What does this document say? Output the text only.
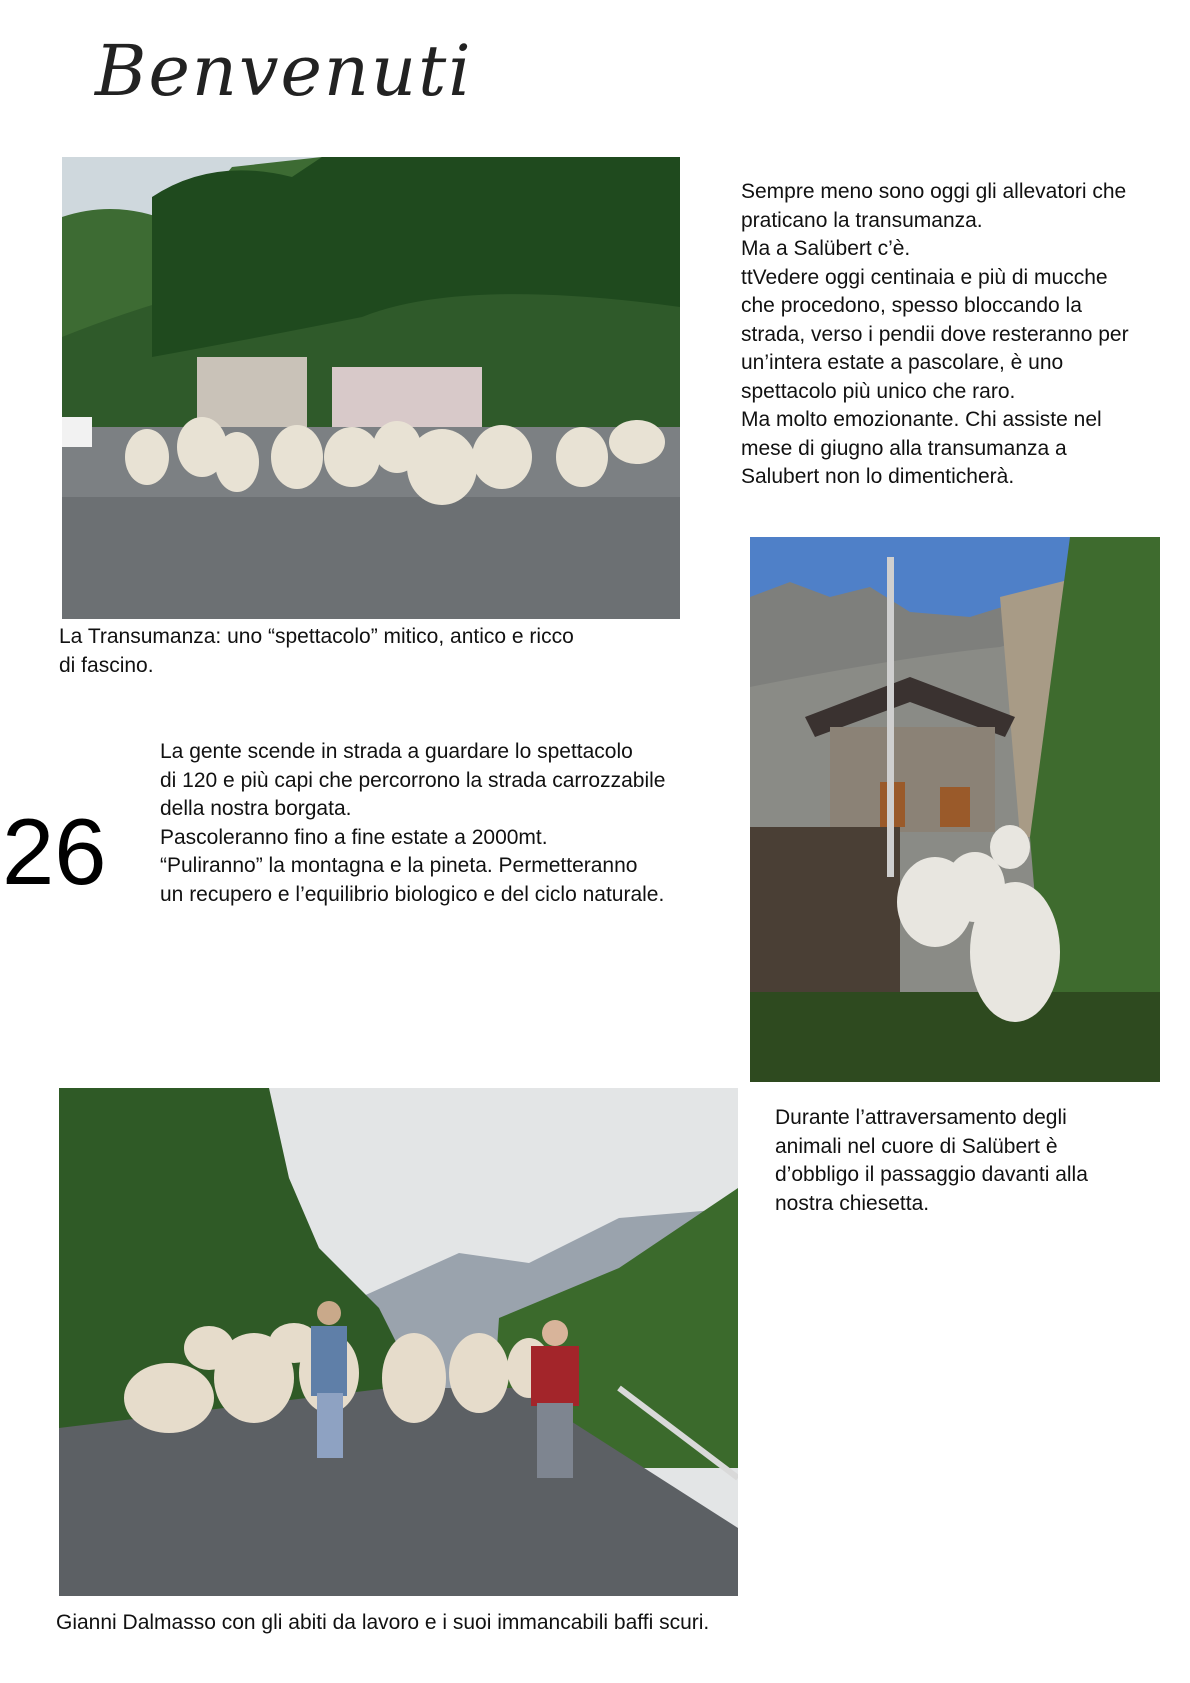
Benvenuti
Sempre meno sono oggi gli allevatori che
praticano la transumanza.
Ma a Salübert c’è.
ttVedere oggi centinaia e più di mucche
che procedono, spesso bloccando la
strada, verso i pendii dove resteranno per
un’intera estate a pascolare, è uno
spettacolo più unico che raro.
Ma molto emozionante. Chi assiste nel
mese di giugno alla transumanza a
Salubert non lo dimenticherà.
La Transumanza: uno “spettacolo” mitico, antico e ricco
di fascino.
26
La gente scende in strada a guardare lo spettacolo
di 120 e più capi che percorrono la strada carrozzabile
della nostra borgata.
Pascoleranno fino a fine estate a 2000mt.
“Puliranno” la montagna e la pineta. Permetteranno
un recupero e l’equilibrio biologico e del ciclo naturale.
Durante l’attraversamento degli
animali nel cuore di Salübert è
d’obbligo il passaggio davanti alla
nostra chiesetta.
Gianni Dalmasso con gli abiti da lavoro e i suoi immancabili baffi scuri.
